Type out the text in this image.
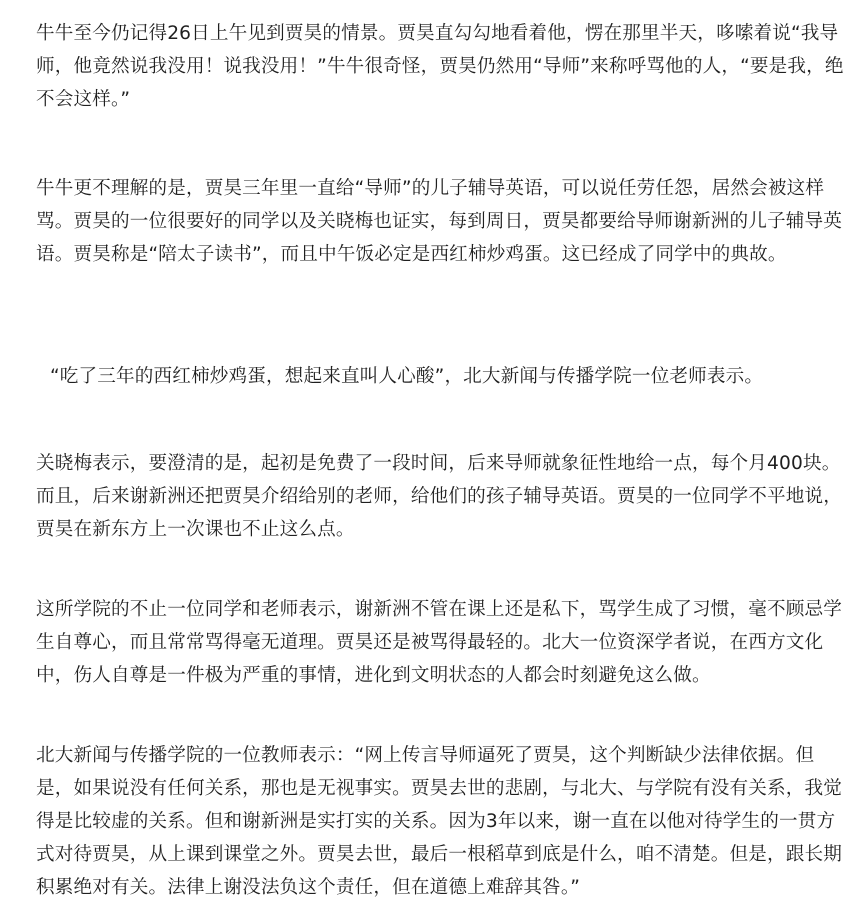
牛牛至今仍记得26日上午见到贾昊的情景。贾昊直勾勾地看着他，愣在那里半天，哆嗦着说“我导师，他竟然说我没用！说我没用！”牛牛很奇怪，贾昊仍然用“导师”来称呼骂他的人，“要是我，绝不会这样。”

牛牛更不理解的是，贾昊三年里一直给“导师”的儿子辅导英语，可以说任劳任怨，居然会被这样骂。贾昊的一位很要好的同学以及关晓梅也证实，每到周日，贾昊都要给导师谢新洲的儿子辅导英语。贾昊称是“陪太子读书”，而且中午饭必定是西红柿炒鸡蛋。这已经成了同学中的典故。

“吃了三年的西红柿炒鸡蛋，想起来直叫人心酸”，北大新闻与传播学院一位老师表示。

关晓梅表示，要澄清的是，起初是免费了一段时间，后来导师就象征性地给一点，每个月400块。而且，后来谢新洲还把贾昊介绍给别的老师，给他们的孩子辅导英语。贾昊的一位同学不平地说，贾昊在新东方上一次课也不止这么点。

这所学院的不止一位同学和老师表示，谢新洲不管在课上还是私下，骂学生成了习惯，毫不顾忌学生自尊心，而且常常骂得毫无道理。贾昊还是被骂得最轻的。北大一位资深学者说，在西方文化中，伤人自尊是一件极为严重的事情，进化到文明状态的人都会时刻避免这么做。

北大新闻与传播学院的一位教师表示：“网上传言导师逼死了贾昊，这个判断缺少法律依据。但是，如果说没有任何关系，那也是无视事实。贾昊去世的悲剧，与北大、与学院有没有关系，我觉得是比较虚的关系。但和谢新洲是实打实的关系。因为3年以来，谢一直在以他对待学生的一贯方式对待贾昊，从上课到课堂之外。贾昊去世，最后一根稻草到底是什么，咱不清楚。但是，跟长期积累绝对有关。法律上谢没法负这个责任，但在道德上难辞其咎。”
